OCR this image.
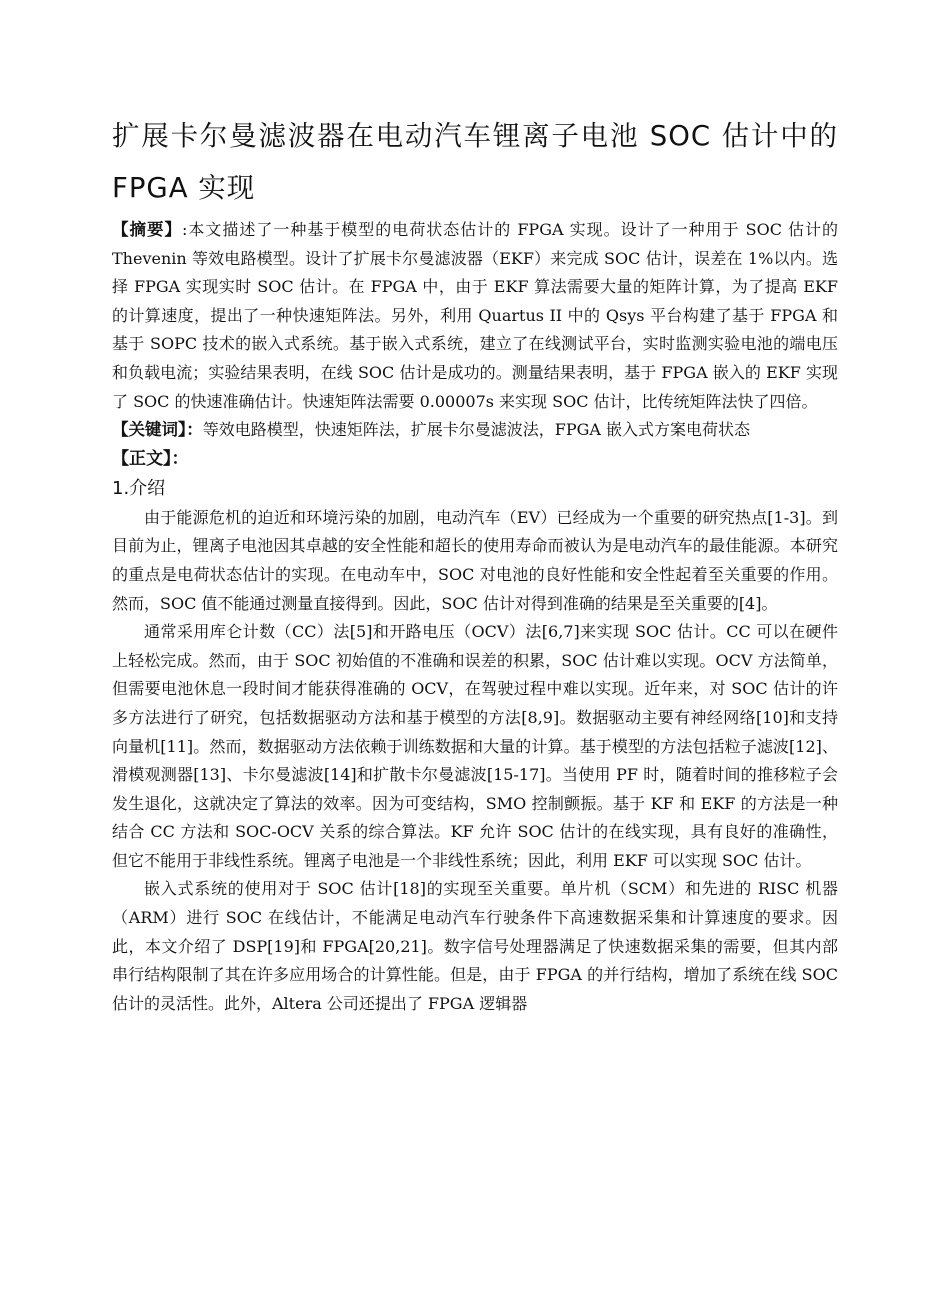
扩展卡尔曼滤波器在电动汽车锂离子电池 SOC 估计中的 FPGA 实现

【摘要】:本文描述了一种基于模型的电荷状态估计的 FPGA 实现。设计了一种用于 SOC 估计的 Thevenin 等效电路模型。设计了扩展卡尔曼滤波器（EKF）来完成 SOC 估计，误差在 1%以内。选择 FPGA 实现实时 SOC 估计。在 FPGA 中，由于 EKF 算法需要大量的矩阵计算，为了提高 EKF 的计算速度，提出了一种快速矩阵法。另外，利用 Quartus II 中的 Qsys 平台构建了基于 FPGA 和基于 SOPC 技术的嵌入式系统。基于嵌入式系统，建立了在线测试平台，实时监测实验电池的端电压和负载电流；实验结果表明，在线 SOC 估计是成功的。测量结果表明，基于 FPGA 嵌入的 EKF 实现了 SOC 的快速准确估计。快速矩阵法需要 0.00007s 来实现 SOC 估计，比传统矩阵法快了四倍。

【关键词】：等效电路模型，快速矩阵法，扩展卡尔曼滤波法，FPGA 嵌入式方案电荷状态

【正文】：

1.介绍

由于能源危机的迫近和环境污染的加剧，电动汽车（EV）已经成为一个重要的研究热点[1-3]。到目前为止，锂离子电池因其卓越的安全性能和超长的使用寿命而被认为是电动汽车的最佳能源。本研究的重点是电荷状态估计的实现。在电动车中，SOC 对电池的良好性能和安全性起着至关重要的作用。然而，SOC 值不能通过测量直接得到。因此，SOC 估计对得到准确的结果是至关重要的[4]。

通常采用库仑计数（CC）法[5]和开路电压（OCV）法[6,7]来实现 SOC 估计。CC 可以在硬件上轻松完成。然而，由于 SOC 初始值的不准确和误差的积累，SOC 估计难以实现。OCV 方法简单，但需要电池休息一段时间才能获得准确的 OCV，在驾驶过程中难以实现。近年来，对 SOC 估计的许多方法进行了研究，包括数据驱动方法和基于模型的方法[8,9]。数据驱动主要有神经网络[10]和支持向量机[11]。然而，数据驱动方法依赖于训练数据和大量的计算。基于模型的方法包括粒子滤波[12]、滑模观测器[13]、卡尔曼滤波[14]和扩散卡尔曼滤波[15-17]。当使用 PF 时，随着时间的推移粒子会发生退化，这就决定了算法的效率。因为可变结构，SMO 控制颤振。基于 KF 和 EKF 的方法是一种结合 CC 方法和 SOC-OCV 关系的综合算法。KF 允许 SOC 估计的在线实现，具有良好的准确性，但它不能用于非线性系统。锂离子电池是一个非线性系统；因此，利用 EKF 可以实现 SOC 估计。

嵌入式系统的使用对于 SOC 估计[18]的实现至关重要。单片机（SCM）和先进的 RISC 机器（ARM）进行 SOC 在线估计，不能满足电动汽车行驶条件下高速数据采集和计算速度的要求。因此，本文介绍了 DSP[19]和 FPGA[20,21]。数字信号处理器满足了快速数据采集的需要，但其内部串行结构限制了其在许多应用场合的计算性能。但是，由于 FPGA 的并行结构，增加了系统在线 SOC 估计的灵活性。此外，Altera 公司还提出了 FPGA 逻辑器
